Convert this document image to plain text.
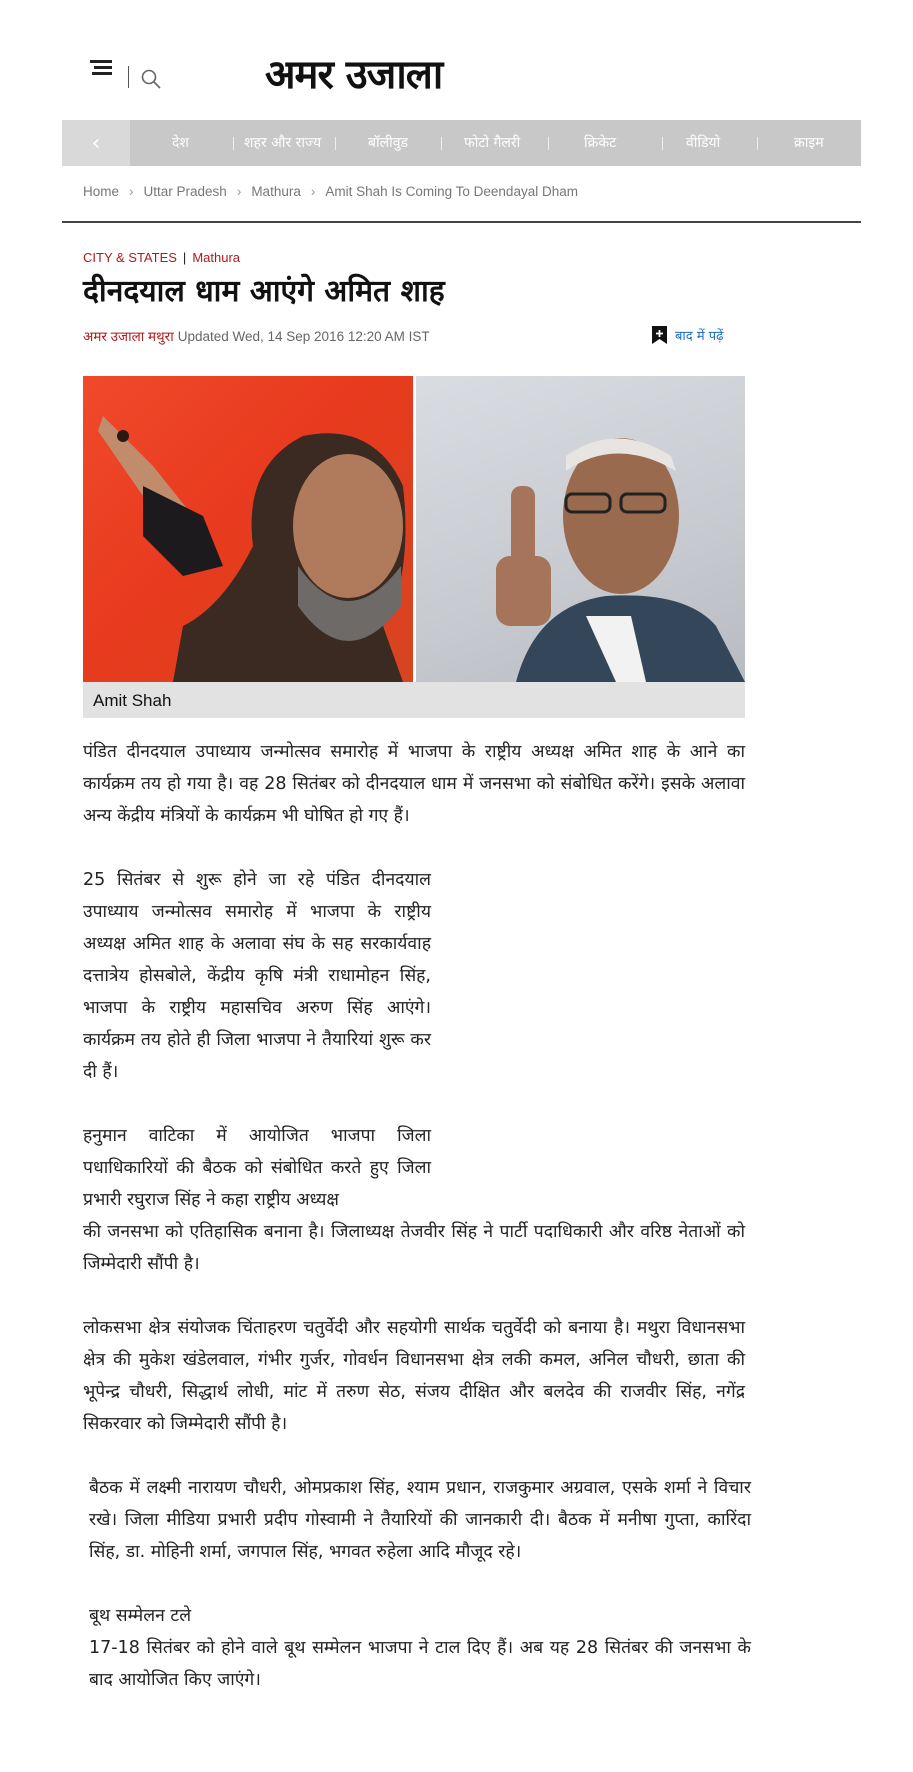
अमर उजाला
‹	देश	शहर और राज्य	बॉलीवुड	फोटो गैलरी	क्रिकेट	वीडियो	क्राइम
Home › Uttar Pradesh › Mathura › Amit Shah Is Coming To Deendayal Dham
CITY & STATES | Mathura
दीनदयाल धाम आएंगे अमित शाह
अमर उजाला मथुरा Updated Wed, 14 Sep 2016 12:20 AM IST	बाद में पढ़ें
Amit Shah

पंडित दीनदयाल उपाध्याय जन्मोत्सव समारोह में भाजपा के राष्ट्रीय अध्यक्ष अमित शाह के आने का कार्यक्रम तय हो गया है। वह 28 सितंबर को दीनदयाल धाम में जनसभा को संबोधित करेंगे। इसके अलावा अन्य केंद्रीय मंत्रियों के कार्यक्रम भी घोषित हो गए हैं।

25 सितंबर से शुरू होने जा रहे पंडित दीनदयाल उपाध्याय जन्मोत्सव समारोह में भाजपा के राष्ट्रीय अध्यक्ष अमित शाह के अलावा संघ के सह सरकार्यवाह दत्तात्रेय होसबोले, केंद्रीय कृषि मंत्री राधामोहन सिंह, भाजपा के राष्ट्रीय महासचिव अरुण सिंह आएंगे। कार्यक्रम तय होते ही जिला भाजपा ने तैयारियां शुरू कर दी हैं।

हनुमान वाटिका में आयोजित भाजपा जिला पधाधिकारियों की बैठक को संबोधित करते हुए जिला प्रभारी रघुराज सिंह ने कहा राष्ट्रीय अध्यक्ष

की जनसभा को एतिहासिक बनाना है। जिलाध्यक्ष तेजवीर सिंह ने पार्टी पदाधिकारी और वरिष्ठ नेताओं को जिम्मेदारी सौंपी है।

लोकसभा क्षेत्र संयोजक चिंताहरण चतुर्वेदी और सहयोगी सार्थक चतुर्वेदी को बनाया है। मथुरा विधानसभा क्षेत्र की मुकेश खंडेलवाल, गंभीर गुर्जर, गोवर्धन विधानसभा क्षेत्र लकी कमल, अनिल चौधरी, छाता की भूपेन्द्र चौधरी, सिद्धार्थ लोधी, मांट में तरुण सेठ, संजय दीक्षित और बलदेव की राजवीर सिंह, नगेंद्र सिकरवार को जिम्मेदारी सौंपी है।

बैठक में लक्ष्मी नारायण चौधरी, ओमप्रकाश सिंह, श्याम प्रधान, राजकुमार अग्रवाल, एसके शर्मा ने विचार रखे। जिला मीडिया प्रभारी प्रदीप गोस्वामी ने तैयारियों की जानकारी दी। बैठक में मनीषा गुप्ता, कारिंदा सिंह, डा. मोहिनी शर्मा, जगपाल सिंह, भगवत रुहेला आदि मौजूद रहे।

बूथ सम्मेलन टले

17-18 सितंबर को होने वाले बूथ सम्मेलन भाजपा ने टाल दिए हैं। अब यह 28 सितंबर की जनसभा के बाद आयोजित किए जाएंगे।
